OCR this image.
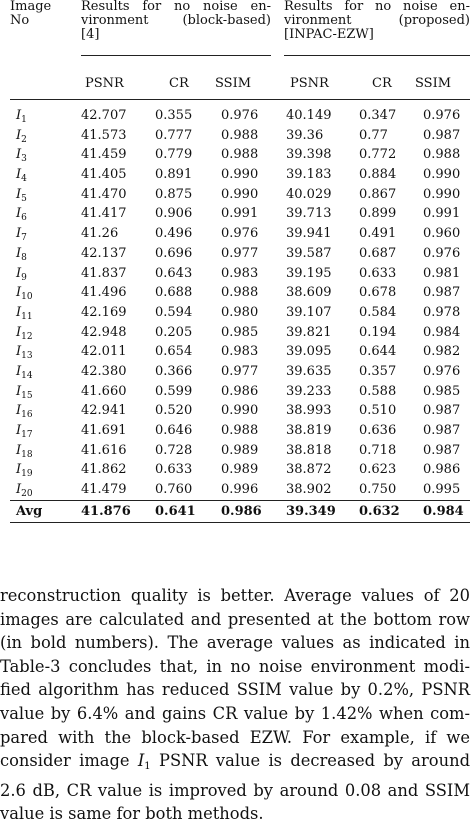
Image
No
Results for no noise en-
vironment (block-based)
[4]
Results for no noise en-
vironment (proposed)
[INPAC-EZW]
PSNR	CR SSIM	PSNR	CR SSIM
$I_1$	42.707 0.355 0.976 40.149 0.347 0.976
$I_2$	41.573 0.777 0.988 39.36	0.77	0.987
$I_3$	41.459 0.779 0.988 39.398 0.772 0.988
$I_4$	41.405 0.891 0.990 39.183 0.884 0.990
$I_5$	41.470 0.875 0.990 40.029 0.867 0.990
$I_6$	41.417 0.906 0.991 39.713 0.899 0.991
$I_7$	41.26	0.496 0.976 39.941 0.491 0.960
$I_8$	42.137 0.696 0.977 39.587 0.687 0.976
$I_9$	41.837 0.643 0.983 39.195 0.633 0.981
$I_{10}$	41.496 0.688 0.988 38.609 0.678 0.987
$I_{11}$	42.169 0.594 0.980 39.107 0.584 0.978
$I_{12}$	42.948 0.205 0.985 39.821 0.194 0.984
$I_{13}$	42.011 0.654 0.983 39.095 0.644 0.982
$I_{14}$	42.380 0.366 0.977 39.635 0.357 0.976
$I_{15}$	41.660 0.599 0.986 39.233 0.588 0.985
$I_{16}$	42.941 0.520 0.990 38.993 0.510 0.987
$I_{17}$	41.691 0.646 0.988 38.819 0.636 0.987
$I_{18}$	41.616 0.728 0.989 38.818 0.718 0.987
$I_{19}$	41.862 0.633 0.989 38.872 0.623 0.986
$I_{20}$	41.479 0.760 0.996 38.902 0.750 0.995
Avg	41.876 0.641 0.986 39.349 0.632 0.984
reconstruction quality is better. Average values of 20
images are calculated and presented at the bottom row
(in bold numbers). The average values as indicated in
Table-3 concludes that, in no noise environment modi-
fied algorithm has reduced SSIM value by 0.2%, PSNR
value by 6.4% and gains CR value by 1.42% when com-
pared with the block-based EZW. For example, if we
consider image $I_1$ PSNR value is decreased by around
2.6 dB, CR value is improved by around 0.08 and SSIM
value is same for both methods.
